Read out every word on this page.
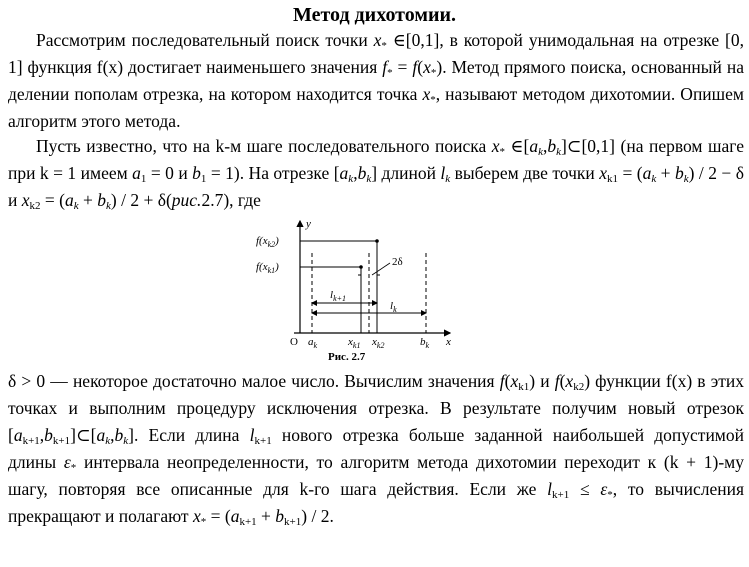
Метод дихотомии.
Рассмотрим последовательный поиск точки $x_*$ ∈[0,1], в которой унимодальная на отрезке [0, 1] функция f(x) достигает наименьшего значения $f_* = f(x_*)$. Метод прямого поиска, основанный на делении пополам отрезка, на котором находится точка $x_*$, называют методом дихотомии. Опишем алгоритм этого метода.
Пусть известно, что на k-м шаге последовательного поиска $x_*$ $\in[a_k,b_k]\subset[0,1]$ (на первом шаге при k = 1 имеем $a_1 = 0$ и $b_1 = 1$). На отрезке $[a_k,b_k]$ длиной $l_k$ выберем две точки $x_{k1} = (a_k + b_k) / 2 - \delta$ и $x_{k2} = (a_k + b_k) / 2 + \delta(рис.2.7)$, где
y
x
O
$f(x_{k2})$
$f(x_{k1})$	2δ
$l_{k+1}$
$l_k$
$a_k$	$x_{k1}$ $x_{k2}$	$b_k$
Рис. 2.7
δ > 0 — некоторое достаточно малое число. Вычислим значения $f(x_{k1})$ и $f(x_{k2})$ функции f(x) в этих точках и выполним процедуру исключения отрезка. В результате получим новый отрезок $[a_{k+1},b_{k+1}]\subset[a_k,b_k]$. Если длина $l_{k+1}$ нового отрезка больше заданной наибольшей допустимой длины $\varepsilon_*$ интервала неопределенности, то алгоритм метода дихотомии переходит к (k + 1)-му шагу, повторяя все описанные для k-го шага действия. Если же $l_{k+1} \le \varepsilon_*$, то вычисления прекращают и полагают $x_* = (a_{k+1} + b_{k+1}) / 2$.
